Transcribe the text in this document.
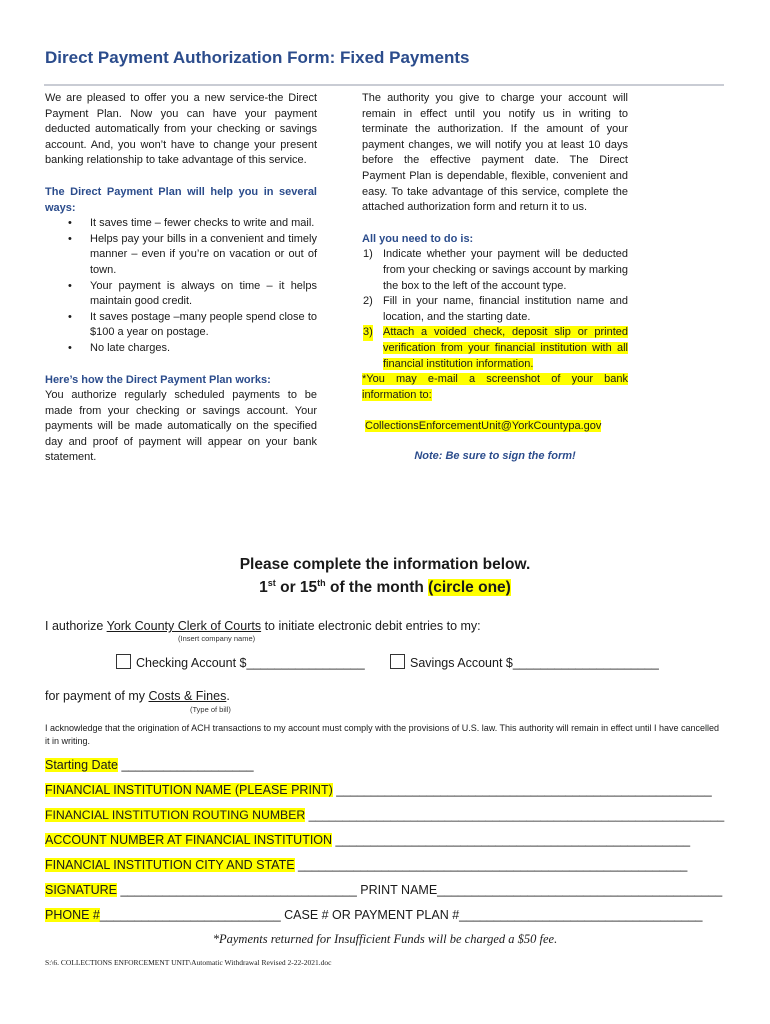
Direct Payment Authorization Form: Fixed Payments

We are pleased to offer you a new service-the Direct Payment Plan. Now you can have your payment deducted automatically from your checking or savings account. And, you won’t have to change your present banking relationship to take advantage of this service.

The Direct Payment Plan will help you in several ways:

• It saves time – fewer checks to write and mail.
• Helps pay your bills in a convenient and timely manner – even if you’re on vacation or out of town.
• Your payment is always on time – it helps maintain good credit.
• It saves postage –many people spend close to $100 a year on postage.
• No late charges.

Here’s how the Direct Payment Plan works:

You authorize regularly scheduled payments to be made from your checking or savings account. Your payments will be made automatically on the specified day and proof of payment will appear on your bank statement.

The authority you give to charge your account will remain in effect until you notify us in writing to terminate the authorization. If the amount of your payment changes, we will notify you at least 10 days before the effective payment date. The Direct Payment Plan is dependable, flexible, convenient and easy. To take advantage of this service, complete the attached authorization form and return it to us.

All you need to do is:

1) Indicate whether your payment will be deducted from your checking or savings account by marking the box to the left of the account type.
2) Fill in your name, financial institution name and location, and the starting date.
3) Attach a voided check, deposit slip or printed verification from your financial institution with all financial institution information.

*You may e-mail a screenshot of your bank information to:

CollectionsEnforcementUnit@YorkCountypa.gov

Note: Be sure to sign the form!

Please complete the information below.
1st or 15th of the month (circle one)
I authorize York County Clerk of Courts to initiate electronic debit entries to my:
(Insert company name)
Checking Account $_________________	Savings Account $_____________________
for payment of my Costs & Fines.
(Type of bill)
I acknowledge that the origination of ACH transactions to my account must comply with the provisions of U.S. law. This authority will remain in effect until I have cancelled it in writing.
Starting Date ___________________
FINANCIAL INSTITUTION NAME (PLEASE PRINT) ______________________________________________________
FINANCIAL INSTITUTION ROUTING NUMBER _____________________________________________________________
ACCOUNT NUMBER AT FINANCIAL INSTITUTION ___________________________________________________
FINANCIAL INSTITUTION CITY AND STATE ________________________________________________________
SIGNATURE __________________________________ PRINT NAME_________________________________________
PHONE #__________________________ CASE # OR PAYMENT PLAN #___________________________________
*Payments returned for Insufficient Funds will be charged a $50 fee.
S:\6. COLLECTIONS ENFORCEMENT UNIT\Automatic Withdrawal Revised 2-22-2021.doc
